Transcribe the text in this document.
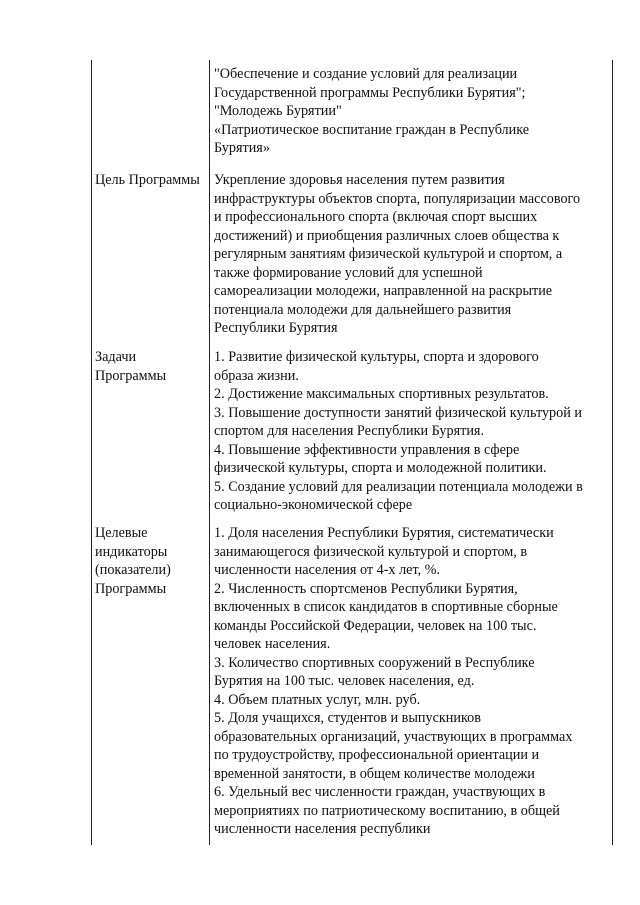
"Обеспечение и создание условий для реализации
Государственной программы Республики Бурятия";
"Молодежь Бурятии"
«Патриотическое воспитание граждан в Республике
Бурятия»
Цель Программы	Укрепление здоровья населения путем развития
инфраструктуры объектов спорта, популяризации массового
и профессионального спорта (включая спорт высших
достижений) и приобщения различных слоев общества к
регулярным занятиям физической культурой и спортом, а
также формирование условий для успешной
самореализации молодежи, направленной на раскрытие
потенциала молодежи для дальнейшего развития
Республики Бурятия
Задачи
Программы
1. Развитие физической культуры, спорта и здорового
образа жизни.
2. Достижение максимальных спортивных результатов.
3. Повышение доступности занятий физической культурой и
спортом для населения Республики Бурятия.
4. Повышение эффективности управления в сфере
физической культуры, спорта и молодежной политики.
5. Создание условий для реализации потенциала молодежи в
социально-экономической сфере
Целевые
индикаторы
(показатели)
Программы
1. Доля населения Республики Бурятия, систематически
занимающегося физической культурой и спортом, в
численности населения от 4-х лет, %.
2. Численность спортсменов Республики Бурятия,
включенных в список кандидатов в спортивные сборные
команды Российской Федерации, человек на 100 тыс.
человек населения.
3. Количество спортивных сооружений в Республике
Бурятия на 100 тыс. человек населения, ед.
4. Объем платных услуг, млн. руб.
5. Доля учащихся, студентов и выпускников
образовательных организаций, участвующих в программах
по трудоустройству, профессиональной ориентации и
временной занятости, в общем количестве молодежи
6. Удельный вес численности граждан, участвующих в
мероприятиях по патриотическому воспитанию, в общей
численности населения республики
